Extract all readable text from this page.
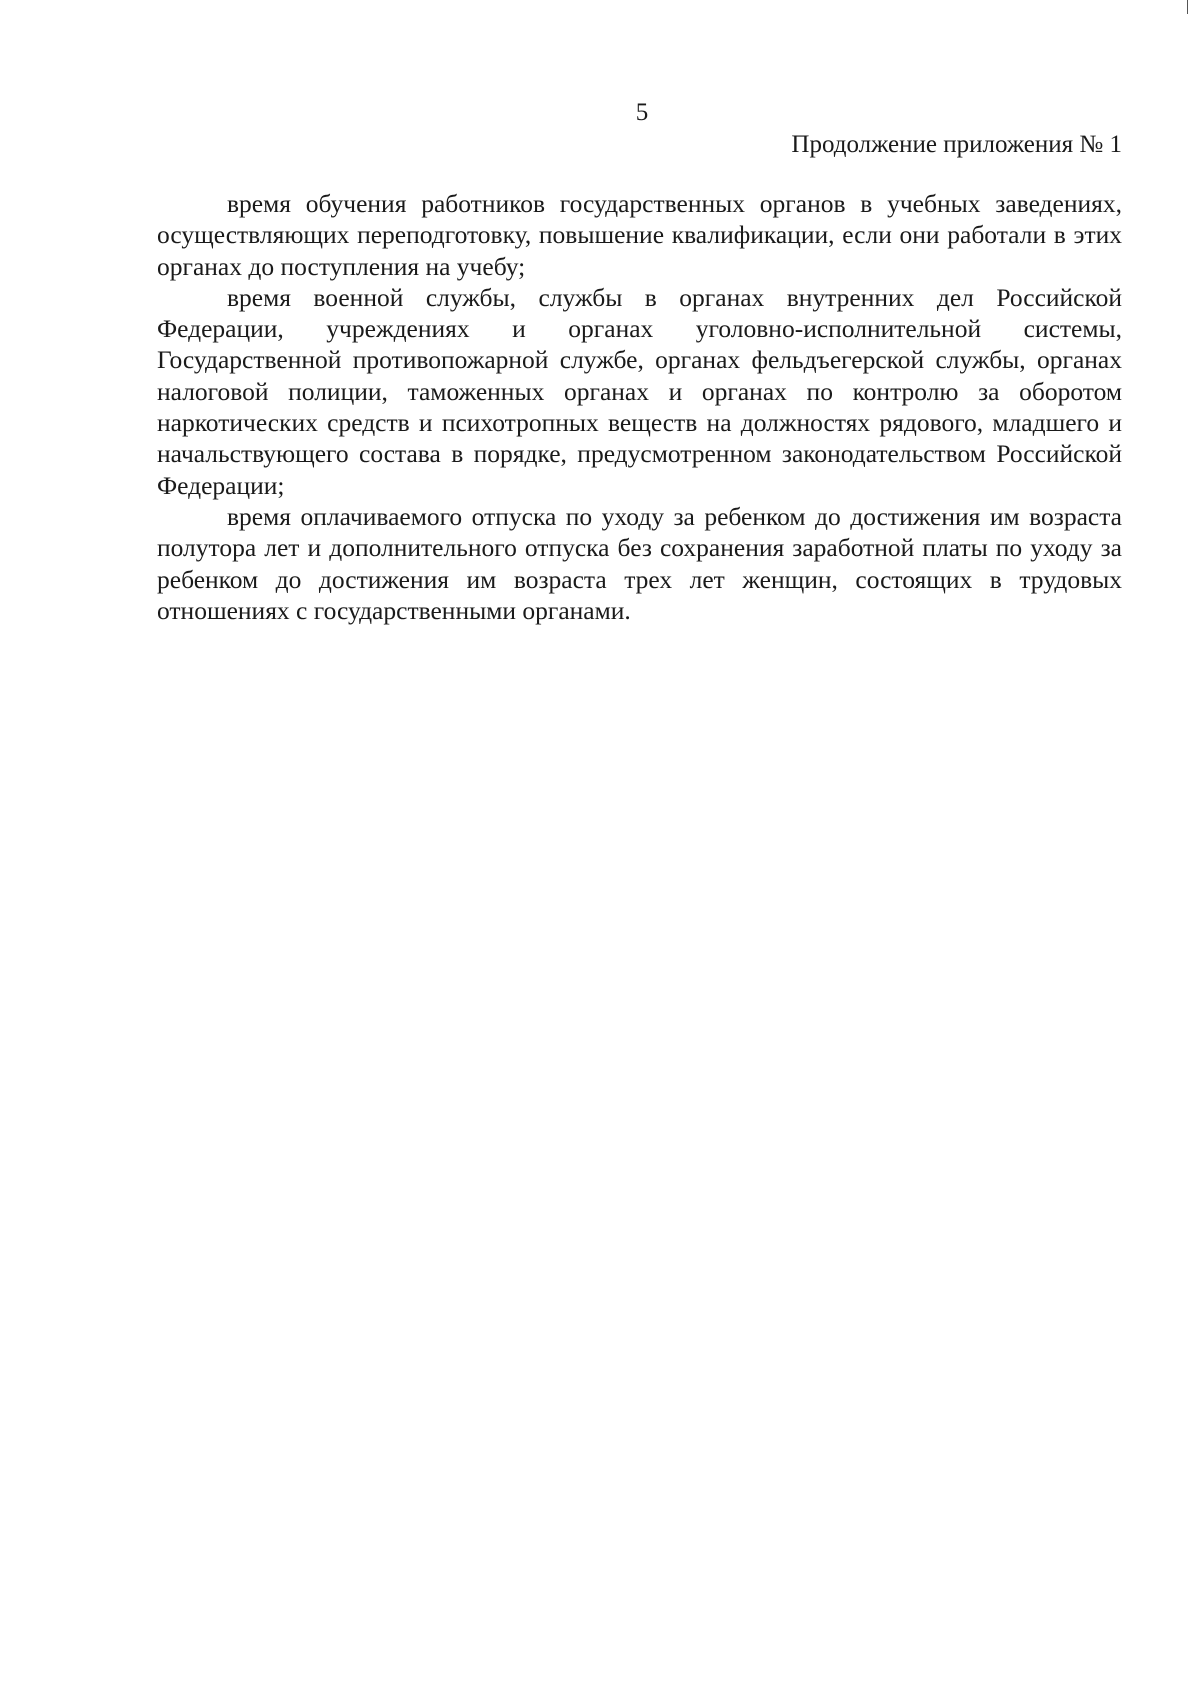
5
Продолжение приложения № 1

время обучения работников государственных органов в учебных заведениях, осуществляющих переподготовку, повышение квалификации, если они работали в этих органах до поступления на учебу;

время военной службы, службы в органах внутренних дел Российской Федерации, учреждениях и органах уголовно-исполнительной системы, Государственной противопожарной службе, органах фельдъегерской службы, органах налоговой полиции, таможенных органах и органах по контролю за оборотом наркотических средств и психотропных веществ на должностях рядового, младшего и начальствующего состава в порядке, предусмотренном законодательством Российской Федерации;

время оплачиваемого отпуска по уходу за ребенком до достижения им возраста полутора лет и дополнительного отпуска без сохранения заработной платы по уходу за ребенком до достижения им возраста трех лет женщин, состоящих в трудовых отношениях с государственными органами.
